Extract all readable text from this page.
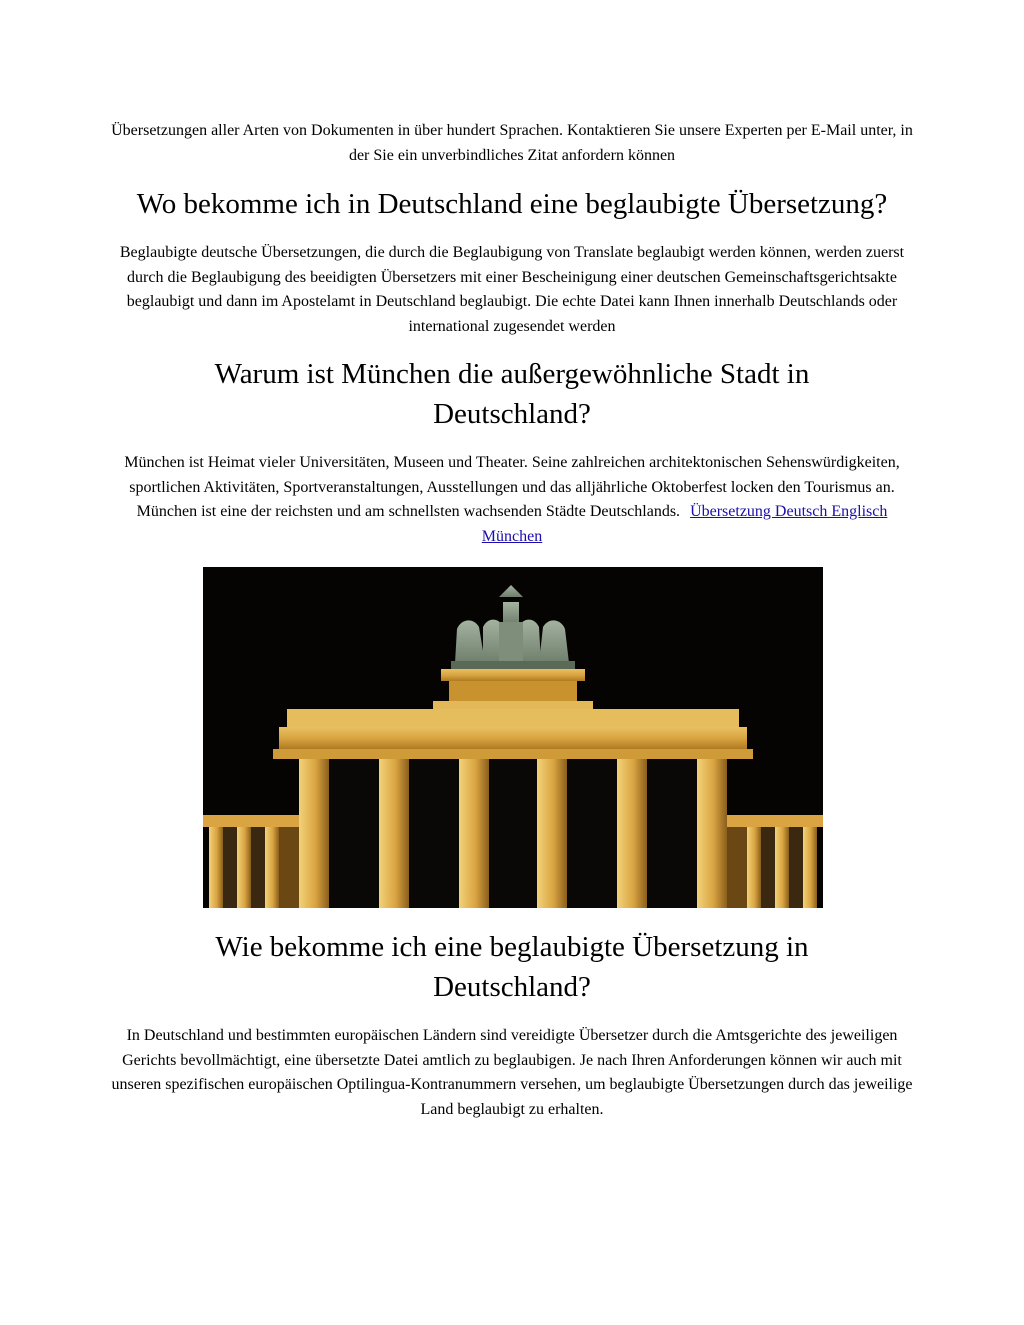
Übersetzungen aller Arten von Dokumenten in über hundert Sprachen. Kontaktieren Sie unsere Experten per E-Mail unter, in der Sie ein unverbindliches Zitat anfordern können

Wo bekomme ich in Deutschland eine beglaubigte Übersetzung?

Beglaubigte deutsche Übersetzungen, die durch die Beglaubigung von Translate beglaubigt werden können, werden zuerst durch die Beglaubigung des beeidigten Übersetzers mit einer Bescheinigung einer deutschen Gemeinschaftsgerichtsakte beglaubigt und dann im Apostelamt in Deutschland beglaubigt. Die echte Datei kann Ihnen innerhalb Deutschlands oder international zugesendet werden

Warum ist München die außergewöhnliche Stadt in Deutschland?

München ist Heimat vieler Universitäten, Museen und Theater. Seine zahlreichen architektonischen Sehenswürdigkeiten, sportlichen Aktivitäten, Sportveranstaltungen, Ausstellungen und das alljährliche Oktoberfest locken den Tourismus an. München ist eine der reichsten und am schnellsten wachsenden Städte Deutschlands. Übersetzung Deutsch Englisch München

Wie bekomme ich eine beglaubigte Übersetzung in Deutschland?

In Deutschland und bestimmten europäischen Ländern sind vereidigte Übersetzer durch die Amtsgerichte des jeweiligen Gerichts bevollmächtigt, eine übersetzte Datei amtlich zu beglaubigen. Je nach Ihren Anforderungen können wir auch mit unseren spezifischen europäischen Optilingua-Kontranummern versehen, um beglaubigte Übersetzungen durch das jeweilige Land beglaubigt zu erhalten.
